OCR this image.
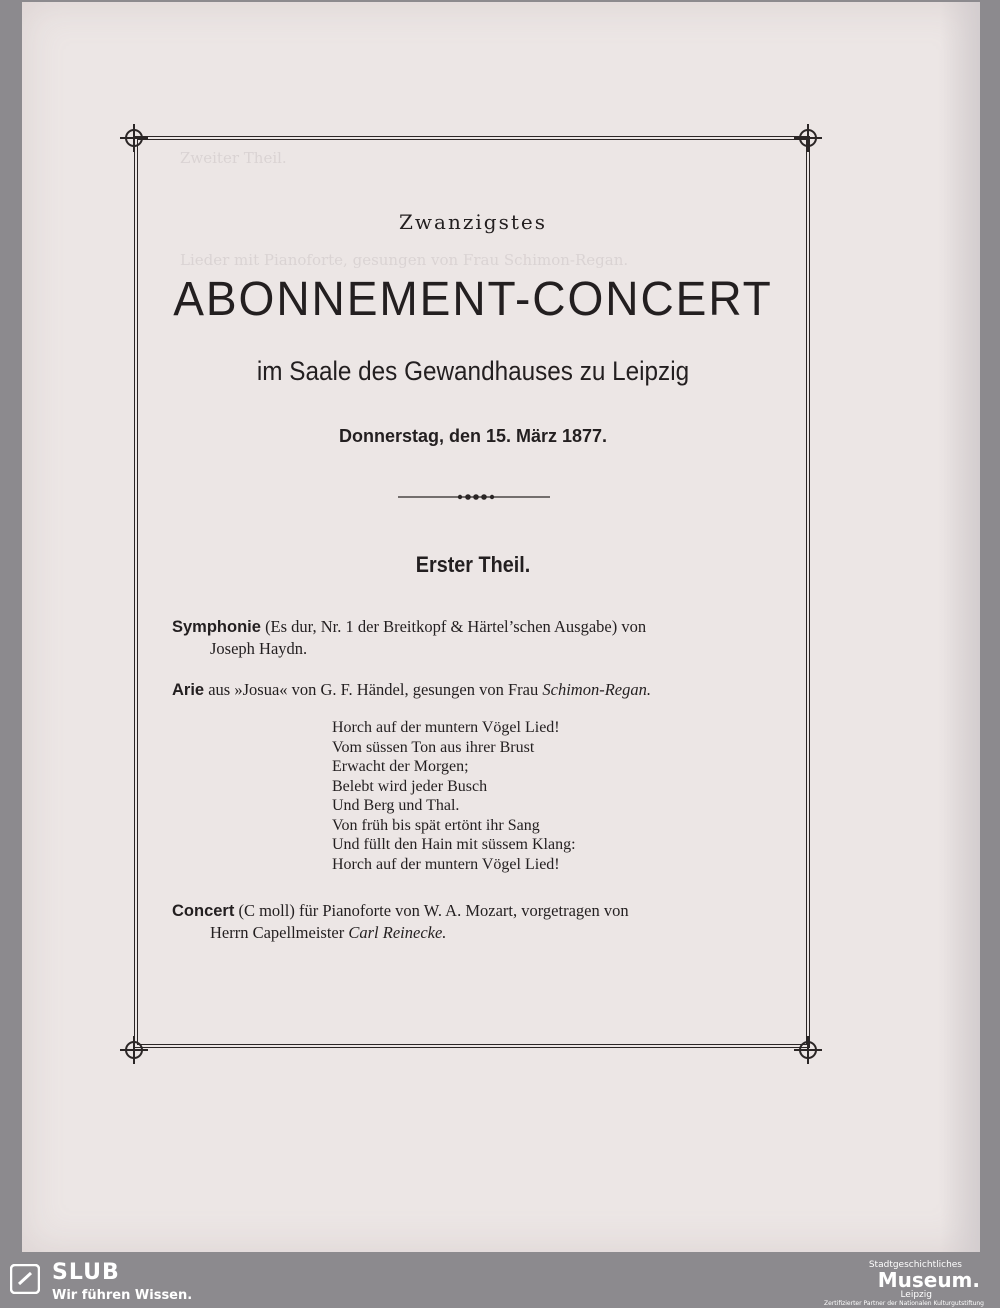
Zweiter Theil.

Lieder mit Pianoforte, gesungen von Frau Schimon-Regan.
Zwanzigstes
ABONNEMENT-CONCERT
im Saale des Gewandhauses zu Leipzig
Donnerstag, den 15. März 1877.
Erster Theil.
Symphonie (Es dur, Nr. 1 der Breitkopf & Härtel’schen Ausgabe) von
Joseph Haydn.
Arie aus »Josua« von G. F. Händel, gesungen von Frau Schimon-Regan.
Horch auf der muntern Vögel Lied!
Vom süssen Ton aus ihrer Brust
Erwacht der Morgen;
Belebt wird jeder Busch
Und Berg und Thal.
Von früh bis spät ertönt ihr Sang
Und füllt den Hain mit süssem Klang:
Horch auf der muntern Vögel Lied!
Concert (C moll) für Pianoforte von W. A. Mozart, vorgetragen von
Herrn Capellmeister Carl Reinecke.
SLUB
Wir führen Wissen.
Stadtgeschichtliches
Museum.
Leipzig
Zertifizierter Partner der Nationalen Kulturgutstiftung
